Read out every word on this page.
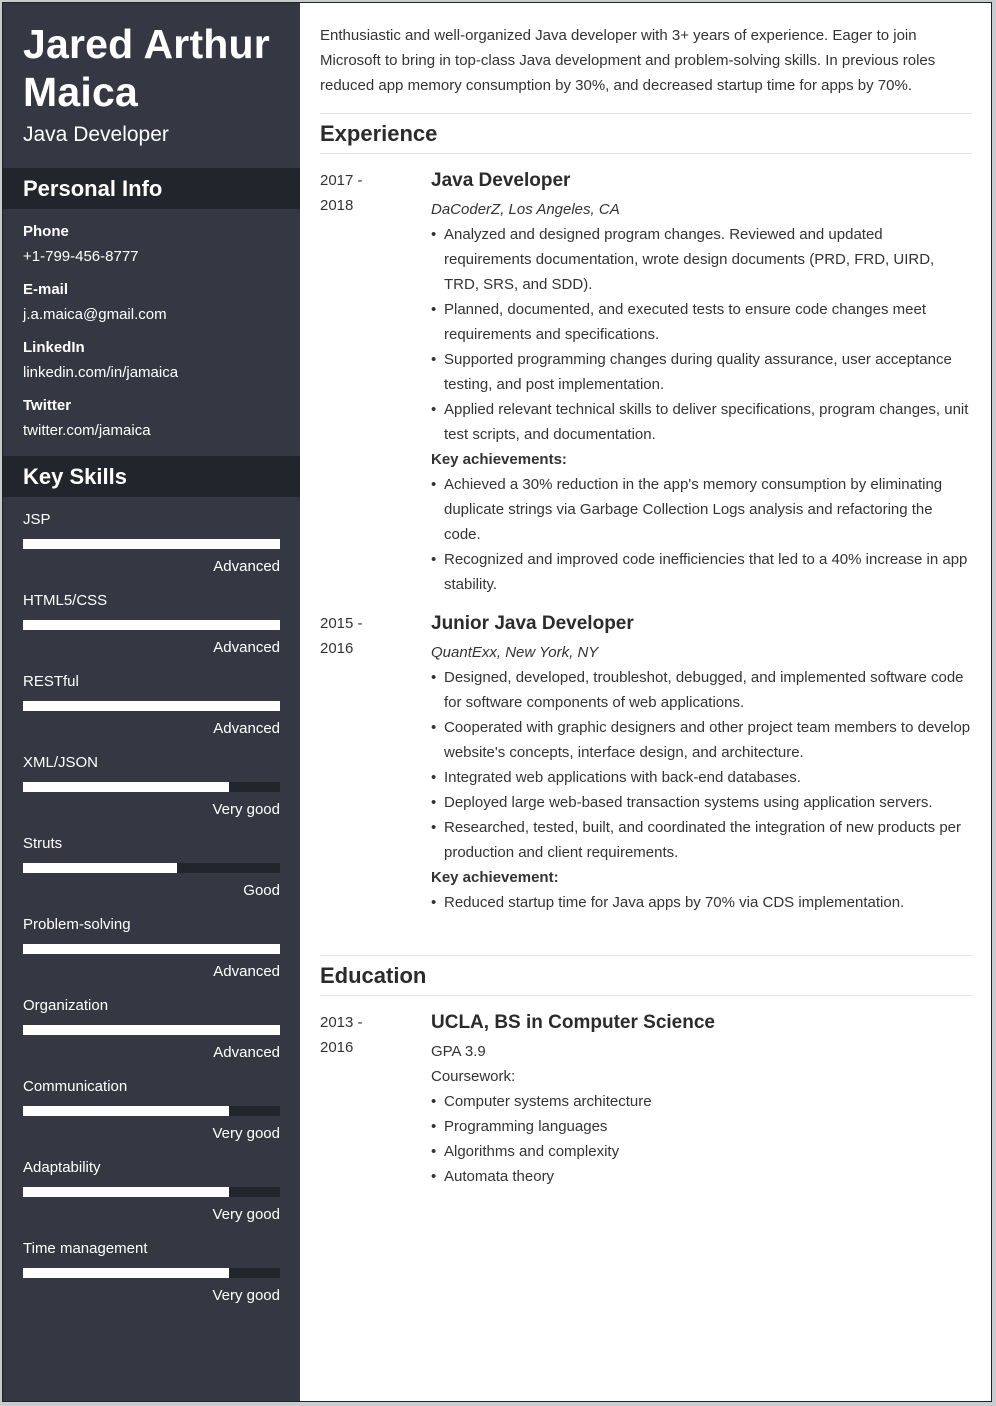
Jared Arthur Maica
Java Developer
Personal Info
Phone
+1-799-456-8777
E-mail
j.a.maica@gmail.com
LinkedIn
linkedin.com/in/jamaica
Twitter
twitter.com/jamaica
Key Skills
JSP
Advanced
HTML5/CSS
Advanced
RESTful
Advanced
XML/JSON
Very good
Struts
Good
Problem-solving
Advanced
Organization
Advanced
Communication
Very good
Adaptability
Very good
Time management
Very good
Enthusiastic and well-organized Java developer with 3+ years of experience. Eager to join Microsoft to bring in top-class Java development and problem-solving skills. In previous roles reduced app memory consumption by 30%, and decreased startup time for apps by 70%.
Experience
2017 -
2018
Java Developer
DaCoderZ, Los Angeles, CA
• Analyzed and designed program changes. Reviewed and updated requirements documentation, wrote design documents (PRD, FRD, UIRD, TRD, SRS, and SDD).
• Planned, documented, and executed tests to ensure code changes meet requirements and specifications.
• Supported programming changes during quality assurance, user acceptance testing, and post implementation.
• Applied relevant technical skills to deliver specifications, program changes, unit test scripts, and documentation.
Key achievements:
• Achieved a 30% reduction in the app's memory consumption by eliminating duplicate strings via Garbage Collection Logs analysis and refactoring the code.
• Recognized and improved code inefficiencies that led to a 40% increase in app stability.
2015 -
2016
Junior Java Developer
QuantExx, New York, NY
• Designed, developed, troubleshot, debugged, and implemented software code for software components of web applications.
• Cooperated with graphic designers and other project team members to develop website's concepts, interface design, and architecture.
• Integrated web applications with back-end databases.
• Deployed large web-based transaction systems using application servers.
• Researched, tested, built, and coordinated the integration of new products per production and client requirements.
Key achievement:
• Reduced startup time for Java apps by 70% via CDS implementation.
Education
2013 -
2016
UCLA, BS in Computer Science
GPA 3.9
Coursework:
• Computer systems architecture
• Programming languages
• Algorithms and complexity
• Automata theory
